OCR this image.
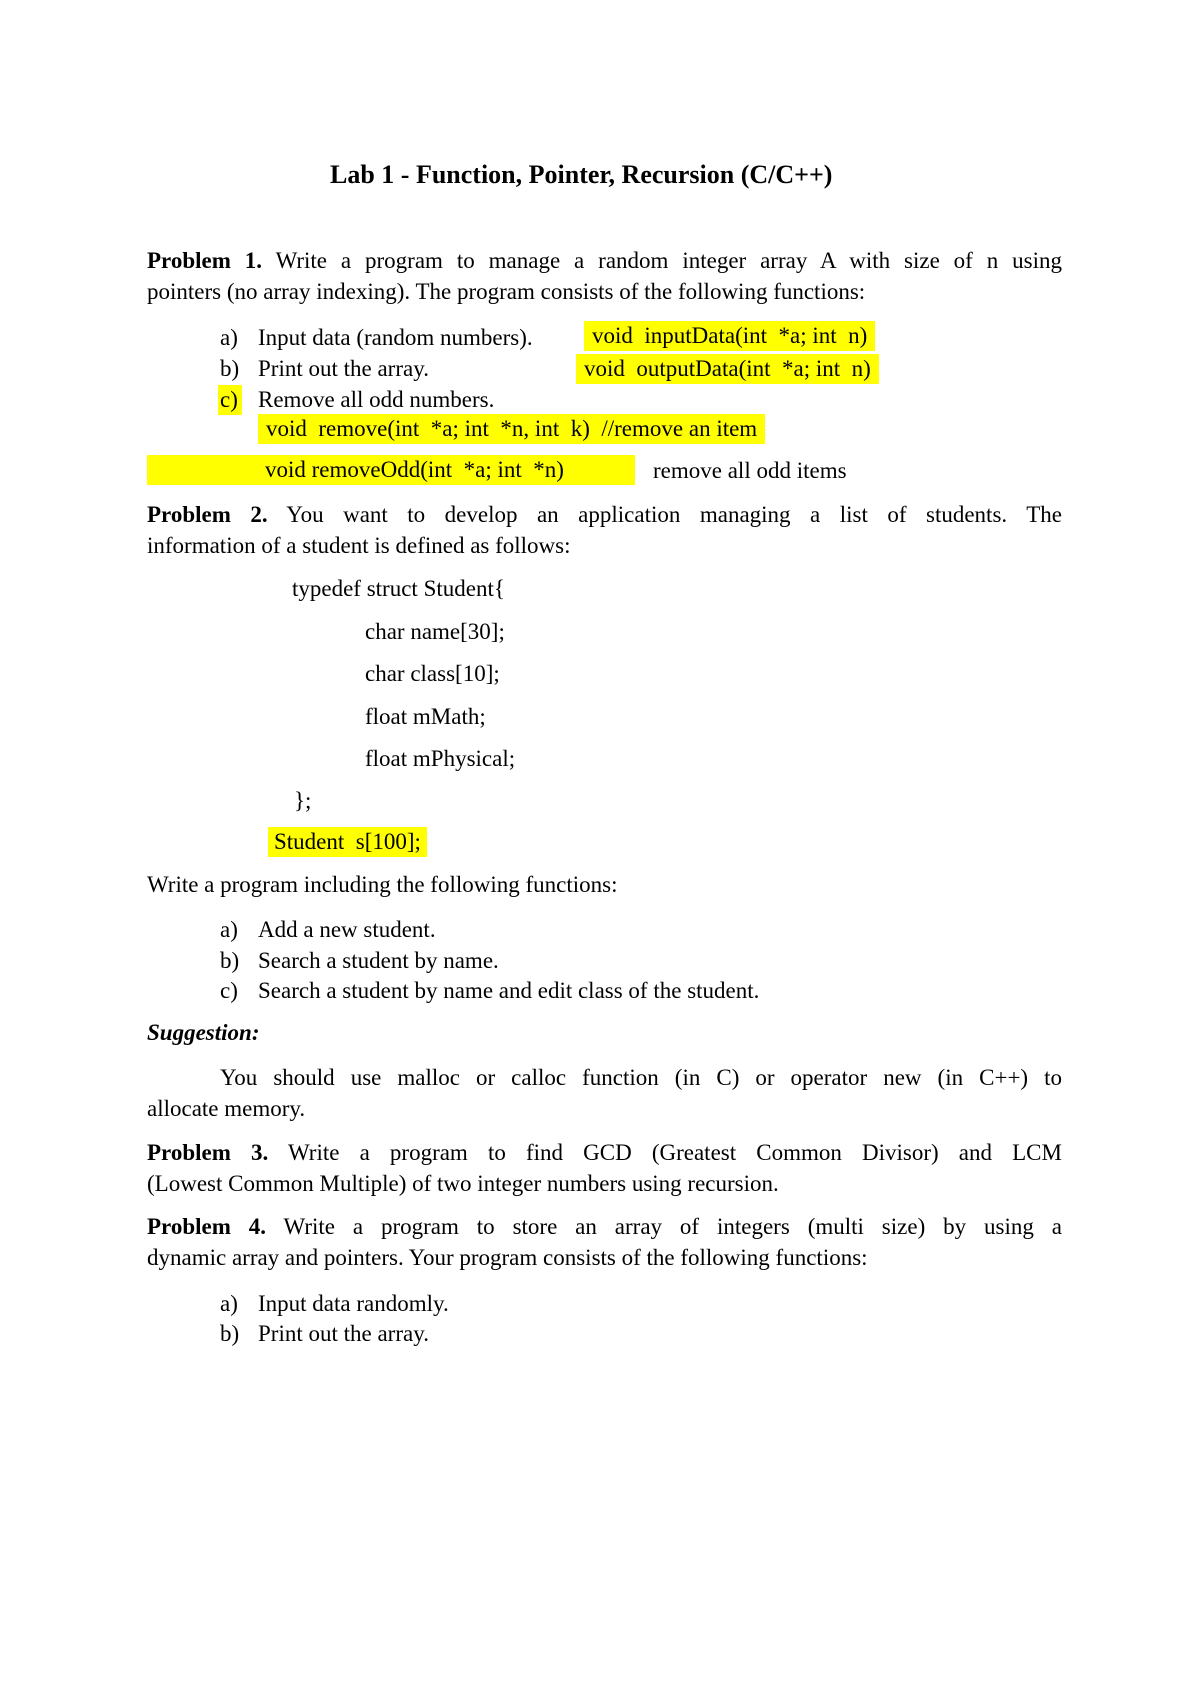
Lab 1 - Function, Pointer, Recursion (C/C++)
Problem 1. Write a program to manage a random integer array A with size of n using
pointers (no array indexing). The program consists of the following functions:
a) Input data (random numbers).	void  inputData(int  *a; int  n)
b) Print out the array.	void  outputData(int  *a; int  n)
c) Remove all odd numbers.
void  remove(int  *a; int  *n, int  k)  //remove an item

void removeOdd(int  *a; int  *n)	remove all odd items
Problem 2. You want to develop an application managing a list of students. The
information of a student is defined as follows:
typedef struct Student{
char name[30];
char class[10];
float mMath;
float mPhysical;
};
Student  s[100];
Write a program including the following functions:
a) Add a new student.
b) Search a student by name.
c) Search a student by name and edit class of the student.
Suggestion:
You should use malloc or calloc function (in C) or operator new (in C++) to
allocate memory.
Problem 3. Write a program to find GCD (Greatest Common Divisor) and LCM
(Lowest Common Multiple) of two integer numbers using recursion.
Problem 4. Write a program to store an array of integers (multi size) by using a
dynamic array and pointers. Your program consists of the following functions:
a) Input data randomly.
b) Print out the array.
